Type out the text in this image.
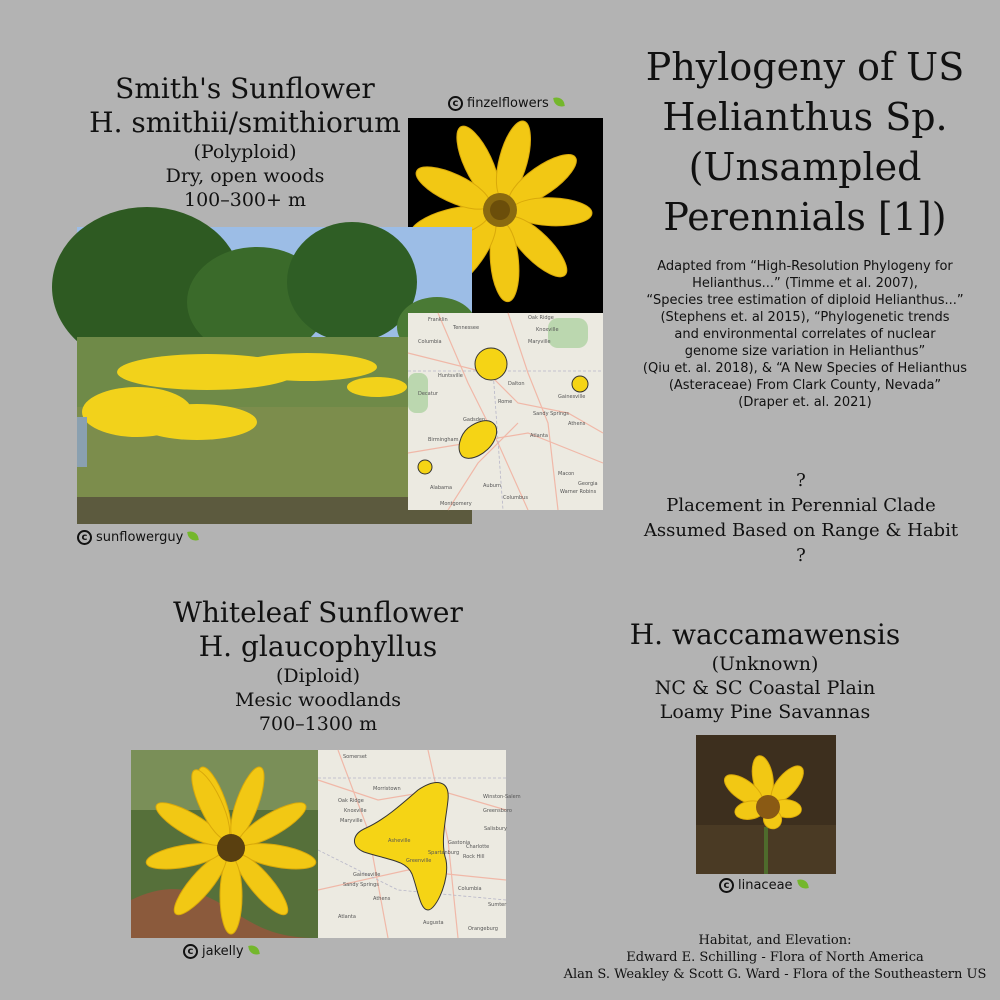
Phylogeny of US
Helianthus Sp.
(Unsampled
Perennials [1])
Adapted from “High-Resolution Phylogeny for
Helianthus...” (Timme et al. 2007),
“Species tree estimation of diploid Helianthus...”
(Stephens et. al 2015), “Phylogenetic trends
and environmental correlates of nuclear
genome size variation in Helianthus”
(Qiu et. al. 2018), & “A New Species of Helianthus
(Asteraceae) From Clark County, Nevada”
(Draper et. al. 2021)
?
Placement in Perennial Clade
Assumed Based on Range & Habit
?
Smith's Sunflower
H. smithii/smithiorum
(Polyploid)
Dry, open woods
100–300+ m
c finzelflowers
Franklin
Tennessee
Oak Ridge
Knoxville
Maryville
Columbia
Huntsville
Dalton
Decatur
Rome
Gainesville
Sandy Springs
Birmingham
Gadsden
Atlanta
Athens
Macon
Alabama	Auburn
Columbus
Montgomery
Georgia
Warner Robins
c sunflowerguy
Whiteleaf Sunflower
H. glaucophyllus
(Diploid)
Mesic woodlands
700–1300 m
Somerset
Morristown
Oak Ridge
Knoxville
Maryville
Winston-Salem
Greensboro
Salisbury
Asheville
Charlotte
Gastonia
Rock Hill
Spartanburg
Greenville
Sandy Springs
Gainesville
Athens
Atlanta
Columbia
Augusta
Orangeburg
Sumter
c jakelly
H. waccamawensis
(Unknown)
NC & SC Coastal Plain
Loamy Pine Savannas
c linaceae
Habitat, and Elevation:
Edward E. Schilling - Flora of North America
Alan S. Weakley & Scott G. Ward - Flora of the Southeastern US
